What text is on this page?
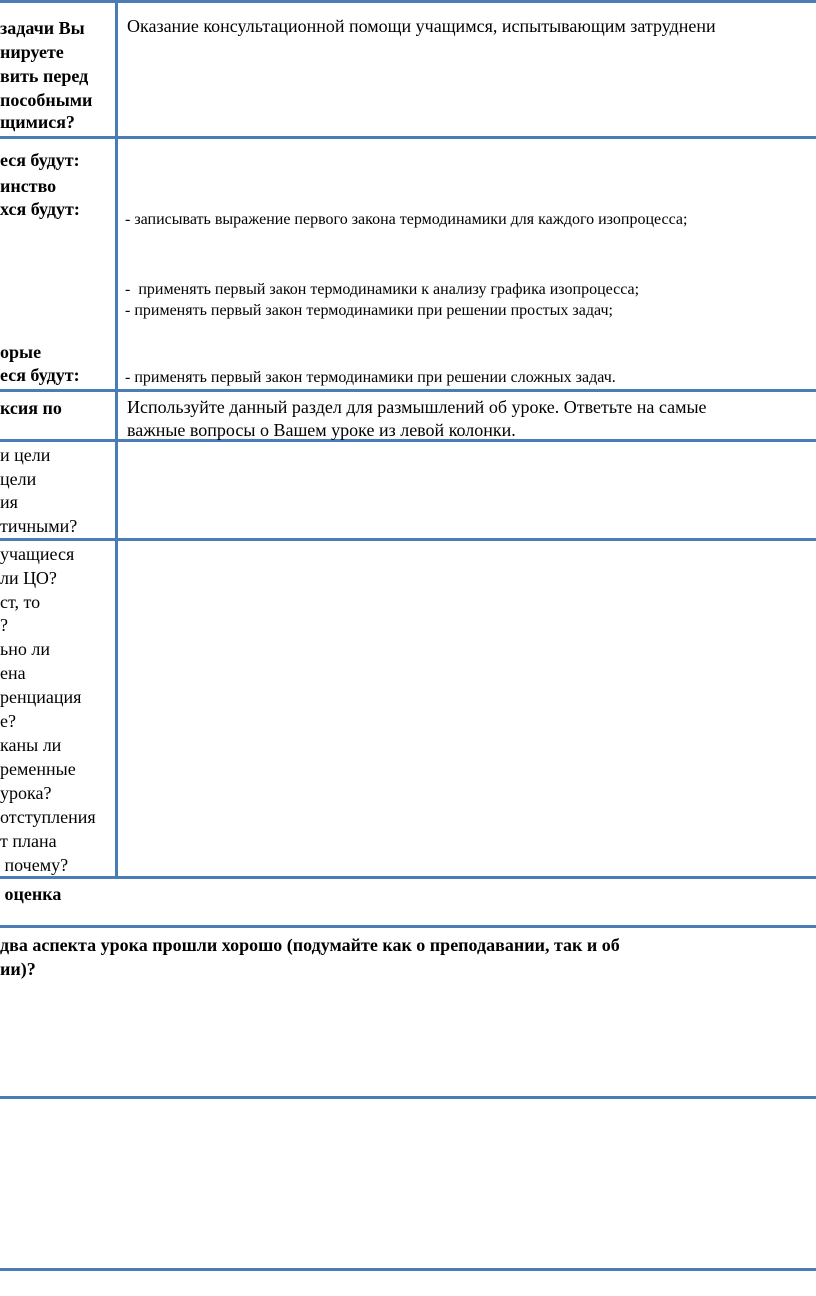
задачи Вы
нируете
вить перед
пособными
щимися?
Оказание консультационной помощи учащимся, испытывающим затруднени
еся будут:
инство
хся будут:
орые
еся будут:
- записывать выражение первого закона термодинамики для каждого изопроцесса;
-  применять первый закон термодинамики к анализу графика изопроцесса;
- применять первый закон термодинамики при решении простых задач;
- применять первый закон термодинамики при решении сложных задач.
ксия по	Используйте данный раздел для размышлений об уроке. Ответьте на самые
важные вопросы о Вашем уроке из левой колонки.
и цели
цели
ия
тичными?
учащиеся
ли ЦО?
ст, то
?
ьно ли
ена
ренциация
е?
каны ли
ременные
урока?
отступления
т плана
почему?
оценка
два аспекта урока прошли хорошо (подумайте как о преподавании, так и об
ии)?
